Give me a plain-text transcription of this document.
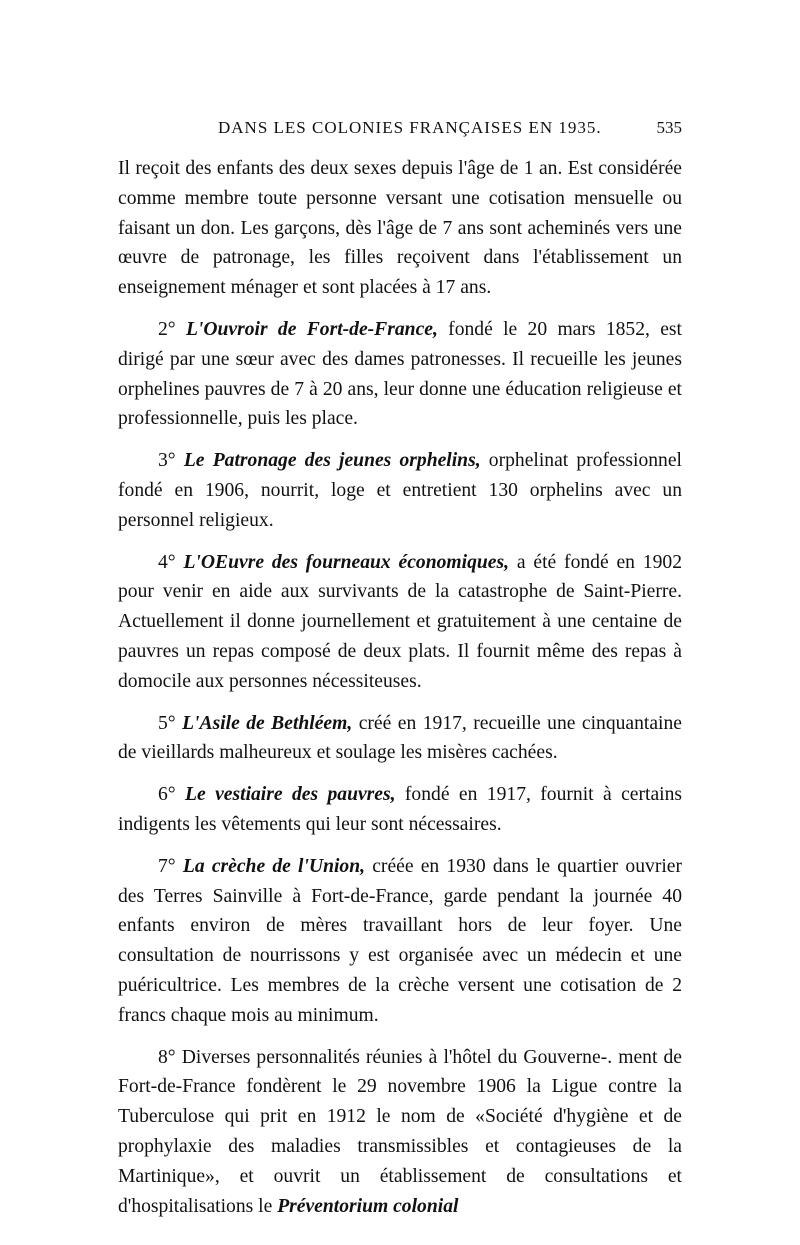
DANS LES COLONIES FRANÇAISES EN 1935.	535

Il reçoit des enfants des deux sexes depuis l'âge de 1 an. Est considérée comme membre toute personne versant une cotisation mensuelle ou faisant un don. Les garçons, dès l'âge de 7 ans sont acheminés vers une œuvre de patronage, les filles reçoivent dans l'établissement un enseignement ménager et sont placées à 17 ans.

2° L'Ouvroir de Fort-de-France, fondé le 20 mars 1852, est dirigé par une sœur avec des dames patronesses. Il recueille les jeunes orphelines pauvres de 7 à 20 ans, leur donne une éducation religieuse et professionnelle, puis les place.

3° Le Patronage des jeunes orphelins, orphelinat professionnel fondé en 1906, nourrit, loge et entretient 130 orphelins avec un personnel religieux.

4° L'OEuvre des fourneaux économiques, a été fondé en 1902 pour venir en aide aux survivants de la catastrophe de Saint-Pierre. Actuellement il donne journellement et gratuitement à une centaine de pauvres un repas composé de deux plats. Il fournit même des repas à domocile aux personnes nécessiteuses.

5° L'Asile de Bethléem, créé en 1917, recueille une cinquantaine de vieillards malheureux et soulage les misères cachées.

6° Le vestiaire des pauvres, fondé en 1917, fournit à certains indigents les vêtements qui leur sont nécessaires.

7° La crèche de l'Union, créée en 1930 dans le quartier ouvrier des Terres Sainville à Fort-de-France, garde pendant la journée 40 enfants environ de mères travaillant hors de leur foyer. Une consultation de nourrissons y est organisée avec un médecin et une puéricultrice. Les membres de la crèche versent une cotisation de 2 francs chaque mois au minimum.

8° Diverses personnalités réunies à l'hôtel du Gouverne-. ment de Fort-de-France fondèrent le 29 novembre 1906 la Ligue contre la Tuberculose qui prit en 1912 le nom de «Société d'hygiène et de prophylaxie des maladies transmissibles et contagieuses de la Martinique», et ouvrit un établissement de consultations et d'hospitalisations le Préventorium colonial
